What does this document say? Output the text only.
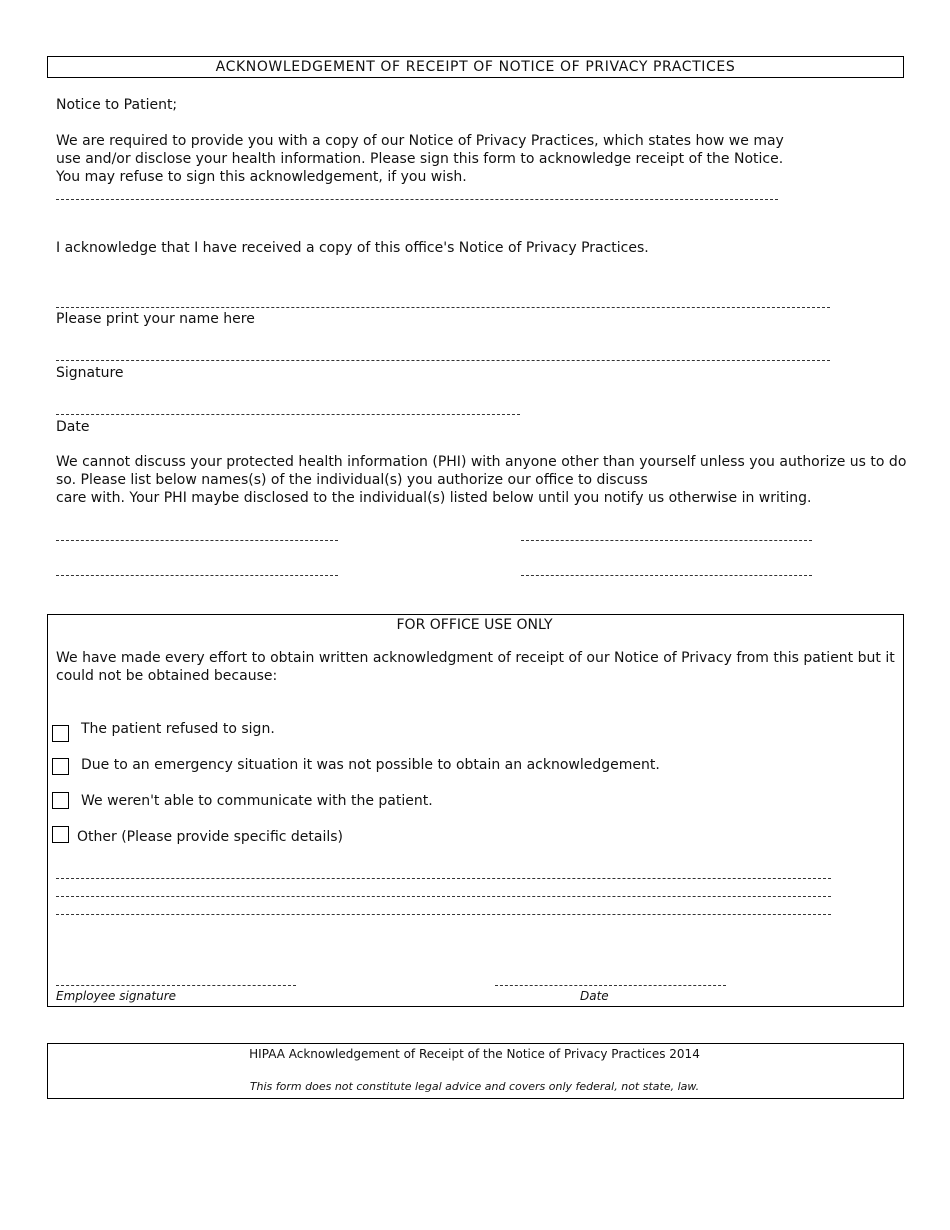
ACKNOWLEDGEMENT OF RECEIPT OF NOTICE OF PRIVACY PRACTICES
Notice to Patient;
We are required to provide you with a copy of our Notice of Privacy Practices, which states how we may
use and/or disclose your health information. Please sign this form to acknowledge receipt of the Notice.
You may refuse to sign this acknowledgement, if you wish.
I acknowledge that I have received a copy of this office's Notice of Privacy Practices.
Please print your name here
Signature
Date
We cannot discuss your protected health information (PHI) with anyone other than yourself unless you authorize us to do
so. Please list below names(s) of the individual(s) you authorize our office to discuss
care with. Your PHI maybe disclosed to the individual(s) listed below until you notify us otherwise in writing.
FOR OFFICE USE ONLY
We have made every effort to obtain written acknowledgment of receipt of our Notice of Privacy from this patient but it
could not be obtained because:
The patient refused to sign.
Due to an emergency situation it was not possible to obtain an acknowledgement.
We weren't able to communicate with the patient.
Other (Please provide specific details)
Employee signature	Date
HIPAA Acknowledgement of Receipt of the Notice of Privacy Practices 2014
This form does not constitute legal advice and covers only federal, not state, law.
